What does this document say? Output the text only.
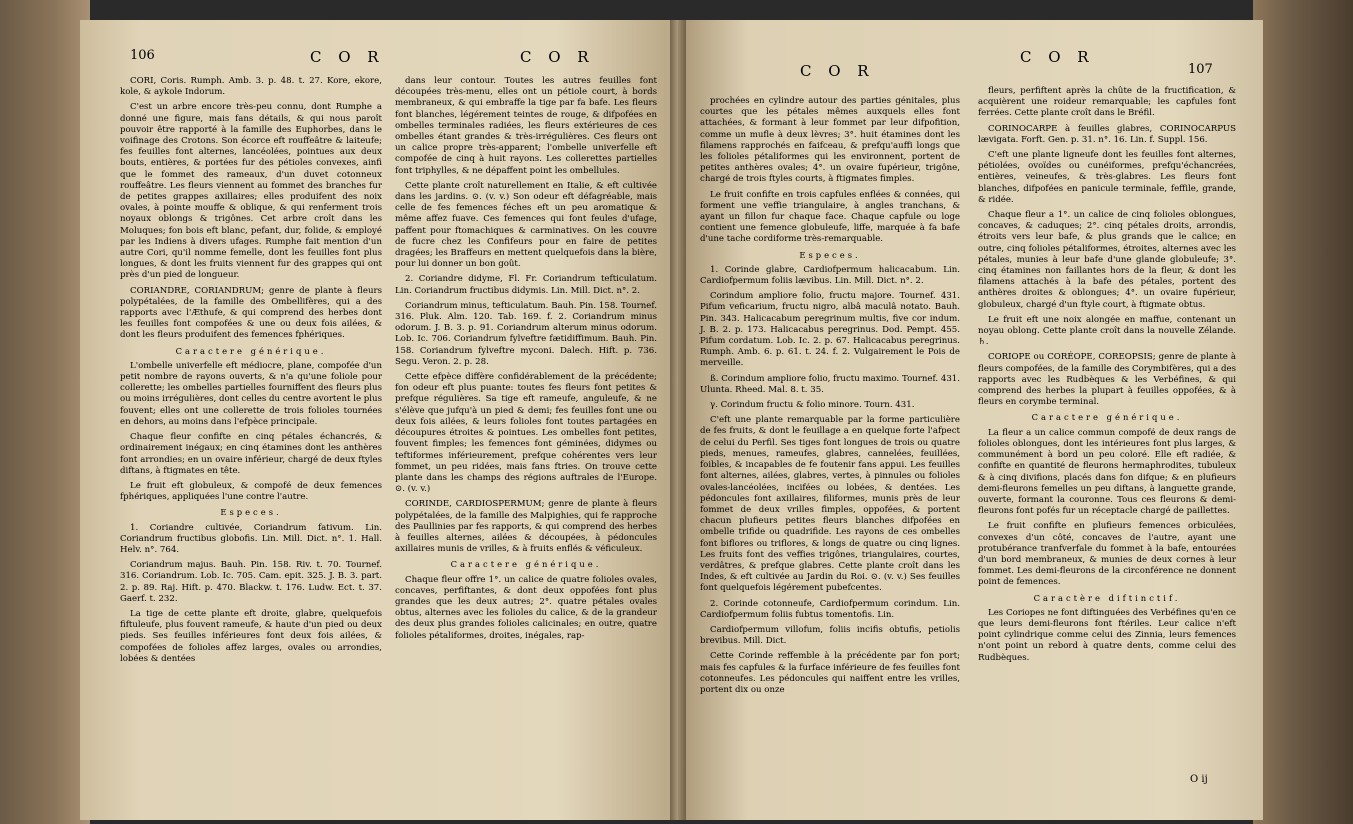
106	C O R	C O R
C O R
C O R
107

CORI, Coris. Rumph. Amb. 3. p. 48. t. 27. Kore, ekore, kole, & aykole Indorum.

C'est un arbre encore très-peu connu, dont Rumphe a donné une figure, mais fans détails, & qui nous paroît pouvoir être rapporté à la famille des Euphorbes, dans le voifinage des Crotons. Son écorce eft rouffeâtre & laiteufe; fes feuilles font alternes, lancéolées, pointues aux deux bouts, entières, & portées fur des pétioles convexes, ainfi que le fommet des rameaux, d'un duvet cotonneux rouffeâtre. Les fleurs viennent au fommet des branches fur de petites grappes axillaires; elles produifent des noix ovales, à pointe mouffe & oblique, & qui renferment trois noyaux oblongs & trigônes. Cet arbre croît dans les Moluques; fon bois eft blanc, pefant, dur, folide, & employé par les Indiens à divers ufages. Rumphe fait mention d'un autre Cori, qu'il nomme femelle, dont les feuilles font plus longues, & dont les fruits viennent fur des grappes qui ont près d'un pied de longueur.

CORIANDRE, CORIANDRUM; genre de plante à fleurs polypétalées, de la famille des Ombellifères, qui a des rapports avec l'Æthufe, & qui comprend des herbes dont les feuilles font compofées & une ou deux fois ailées, & dont les fleurs produifent des femences fphériques.

Caractere générique.

L'ombelle univerfelle eft médiocre, plane, compofée d'un petit nombre de rayons ouverts, & n'a qu'une foliole pour collerette; les ombelles partielles fourniffent des fleurs plus ou moins irrégulières, dont celles du centre avortent le plus fouvent; elles ont une collerette de trois folioles tournées en dehors, au moins dans l'efpèce principale.

Chaque fleur confifte en cinq pétales échancrés, & ordinairement inégaux; en cinq étamines dont les anthères font arrondies; en un ovaire inférieur, chargé de deux ftyles diftans, à ftigmates en tête.

Le fruit eft globuleux, & compofé de deux femences fphériques, appliquées l'une contre l'autre.

Especes.

1. Coriandre cultivée, Coriandrum fativum. Lin. Coriandrum fructibus globofis. Lin. Mill. Dict. n°. 1. Hall. Helv. n°. 764.

Coriandrum majus. Bauh. Pin. 158. Riv. t. 70. Tournef. 316. Coriandrum. Lob. Ic. 705. Cam. epit. 325. J. B. 3. part. 2. p. 89. Raj. Hift. p. 470. Blackw. t. 176. Ludw. Ect. t. 37. Gaerf. t. 232.

La tige de cette plante eft droite, glabre, quelquefois fiftuleufe, plus fouvent rameufe, & haute d'un pied ou deux pieds. Ses feuilles inférieures font deux fois ailées, & compofées de folioles affez larges, ovales ou arrondies, lobées & dentées

dans leur contour. Toutes les autres feuilles font découpées très-menu, elles ont un pétiole court, à bords membraneux, & qui embraffe la tige par fa bafe. Les fleurs font blanches, légérement teintes de rouge, & difpofées en ombelles terminales radiées, les fleurs extérieures de ces ombelles étant grandes & très-irrégulières. Ces fleurs ont un calice propre très-apparent; l'ombelle univerfelle eft compofée de cinq à huit rayons. Les collerettes partielles font triphylles, & ne dépaffent point les ombellules.

Cette plante croît naturellement en Italie, & eft cultivée dans les jardins. ⊙. (v. v.) Son odeur eft défagréable, mais celle de fes femences féches eft un peu aromatique & même affez fuave. Ces femences qui font feules d'ufage, paffent pour ftomachiques & carminatives. On les couvre de fucre chez les Confifeurs pour en faire de petites dragées; les Braffeurs en mettent quelquefois dans la bière, pour lui donner un bon goût.

2. Coriandre didyme, Fl. Fr. Coriandrum tefticulatum. Lin. Coriandrum fructibus didymis. Lin. Mill. Dict. n°. 2.

Coriandrum minus, tefticulatum. Bauh. Pin. 158. Tournef. 316. Pluk. Alm. 120. Tab. 169. f. 2. Coriandrum minus odorum. J. B. 3. p. 91. Coriandrum alterum minus odorum. Lob. Ic. 706. Coriandrum fylveftre fætidiffimum. Bauh. Pin. 158. Coriandrum fylveftre myconi. Dalech. Hift. p. 736. Segu. Veron. 2. p. 28.

Cette efpèce diffère confidérablement de la précédente; fon odeur eft plus puante: toutes fes fleurs font petites & prefque régulières. Sa tige eft rameufe, anguleufe, & ne s'élève que jufqu'à un pied & demi; fes feuilles font une ou deux fois ailées, & leurs folioles font toutes partagées en découpures étroites & pointues. Les ombelles font petites, fouvent fimples; les femences font géminées, didymes ou teftiformes inférieurement, prefque cohérentes vers leur fommet, un peu ridées, mais fans ftries. On trouve cette plante dans les champs des régions auftrales de l'Europe. ⊙. (v. v.)

CORINDE, CARDIOSPERMUM; genre de plante à fleurs polypétalées, de la famille des Malpighies, qui fe rapproche des Paullinies par fes rapports, & qui comprend des herbes à feuilles alternes, ailées & découpées, à pédoncules axillaires munis de vrilles, & à fruits enflés & véficuleux.

Caractere générique.

Chaque fleur offre 1°. un calice de quatre folioles ovales, concaves, perfiftantes, & dont deux oppofées font plus grandes que les deux autres; 2°. quatre pétales ovales obtus, alternes avec les folioles du calice, & de la grandeur des deux plus grandes folioles calicinales; en outre, quatre folioles pétaliformes, droites, inégales, rap-

prochées en cylindre autour des parties génitales, plus courtes que les pétales mêmes auxquels elles font attachées, & formant à leur fommet par leur difpofition, comme un mufle à deux lèvres; 3°. huit étamines dont les filamens rapprochés en faifceau, & prefqu'auffi longs que les folioles pétaliformes qui les environnent, portent de petites anthères ovales; 4°. un ovaire fupérieur, trigône, chargé de trois ftyles courts, à ftigmates fimples.

Le fruit confifte en trois capfules enflées & connées, qui forment une veffie triangulaire, à angles tranchans, & ayant un fillon fur chaque face. Chaque capfule ou loge contient une femence globuleufe, liffe, marquée à fa bafe d'une tache cordiforme très-remarquable.

Especes.

1. Corinde glabre, Cardiofpermum halicacabum. Lin. Cardiofpermum foliis lævibus. Lin. Mill. Dict. n°. 2.

Corindum ampliore folio, fructu majore. Tournef. 431. Pifum veficarium, fructu nigro, albâ maculâ notato. Bauh. Pin. 343. Halicacabum peregrinum multis, five cor indum. J. B. 2. p. 173. Halicacabus peregrinus. Dod. Pempt. 455. Pifum cordatum. Lob. Ic. 2. p. 67. Halicacabus peregrinus. Rumph. Amb. 6. p. 61. t. 24. f. 2. Vulgairement le Pois de merveille.

ß. Corindum ampliore folio, fructu maximo. Tournef. 431. Ulunta. Rheed. Mal. 8. t. 35.

γ. Corindum fructu & folio minore. Tourn. 431.

C'eft une plante remarquable par la forme particulière de fes fruits, & dont le feuillage a en quelque forte l'afpect de celui du Perfil. Ses tiges font longues de trois ou quatre pieds, menues, rameufes, glabres, cannelées, feuillées, foibles, & incapables de fe foutenir fans appui. Les feuilles font alternes, ailées, glabres, vertes, à pinnules ou folioles ovales-lancéolées, incifées ou lobées, & dentées. Les pédoncules font axillaires, filiformes, munis près de leur fommet de deux vrilles fimples, oppofées, & portent chacun plufieurs petites fleurs blanches difpofées en ombelle trifide ou quadrifide. Les rayons de ces ombelles font biflores ou triflores, & longs de quatre ou cinq lignes. Les fruits font des veffies trigônes, triangulaires, courtes, verdâtres, & prefque glabres. Cette plante croît dans les Indes, & eft cultivée au Jardin du Roi. ⊙. (v. v.) Ses feuilles font quelquefois légérement pubefcentes.

2. Corinde cotonneufe, Cardiofpermum corindum. Lin. Cardiofpermum foliis fubtus tomentofis. Lin.

Cardiofpermum villofum, foliis incifis obtufis, petiolis brevibus. Mill. Dict.

Cette Corinde reffemble à la précédente par fon port; mais fes capfules & la furface inférieure de fes feuilles font cotonneufes. Les pédoncules qui naiffent entre les vrilles, portent dix ou onze

fleurs, perfiftent après la chûte de la fructification, & acquièrent une roideur remarquable; les capfules font ferrées. Cette plante croît dans le Bréfil.

CORINOCARPE à feuilles glabres, CORINOCARPUS lævigata. Forft. Gen. p. 31. n°. 16. Lin. f. Suppl. 156.

C'eft une plante ligneufe dont les feuilles font alternes, pétiolées, ovoïdes ou cunéiformes, prefqu'échancrées, entières, veineufes, & très-glabres. Les fleurs font blanches, difpofées en panicule terminale, feffile, grande, & ridée.

Chaque fleur a 1°. un calice de cinq folioles oblongues, concaves, & caduques; 2°. cinq pétales droits, arrondis, étroits vers leur bafe, & plus grands que le calice; en outre, cinq folioles pétaliformes, étroites, alternes avec les pétales, munies à leur bafe d'une glande globuleufe; 3°. cinq étamines non faillantes hors de la fleur, & dont les filamens attachés à la bafe des pétales, portent des anthères droites & oblongues; 4°. un ovaire fupérieur, globuleux, chargé d'un ftyle court, à ftigmate obtus.

Le fruit eft une noix alongée en maffue, contenant un noyau oblong. Cette plante croît dans la nouvelle Zélande. ♄.

CORIOPE ou CORÉOPE, COREOPSIS; genre de plante à fleurs compofées, de la famille des Corymbifères, qui a des rapports avec les Rudbèques & les Verbéfines, & qui comprend des herbes la plupart à feuilles oppofées, & à fleurs en corymbe terminal.

Caractere générique.

La fleur a un calice commun compofé de deux rangs de folioles oblongues, dont les intérieures font plus larges, & communément à bord un peu coloré. Elle eft radiée, & confifte en quantité de fleurons hermaphrodites, tubuleux & à cinq divifions, placés dans fon difque; & en plufieurs demi-fleurons femelles un peu diftans, à languette grande, ouverte, formant la couronne. Tous ces fleurons & demi-fleurons font pofés fur un réceptacle chargé de paillettes.

Le fruit confifte en plufieurs femences orbiculées, convexes d'un côté, concaves de l'autre, ayant une protubérance tranfverfale du fommet à la bafe, entourées d'un bord membraneux, & munies de deux cornes à leur fommet. Les demi-fleurons de la circonférence ne donnent point de femences.

Caractère diftinctif.

Les Coriopes ne font diftinguées des Verbéfines qu'en ce que leurs demi-fleurons font ftériles. Leur calice n'eft point cylindrique comme celui des Zinnia, leurs femences n'ont point un rebord à quatre dents, comme celui des Rudbèques.

O ij
